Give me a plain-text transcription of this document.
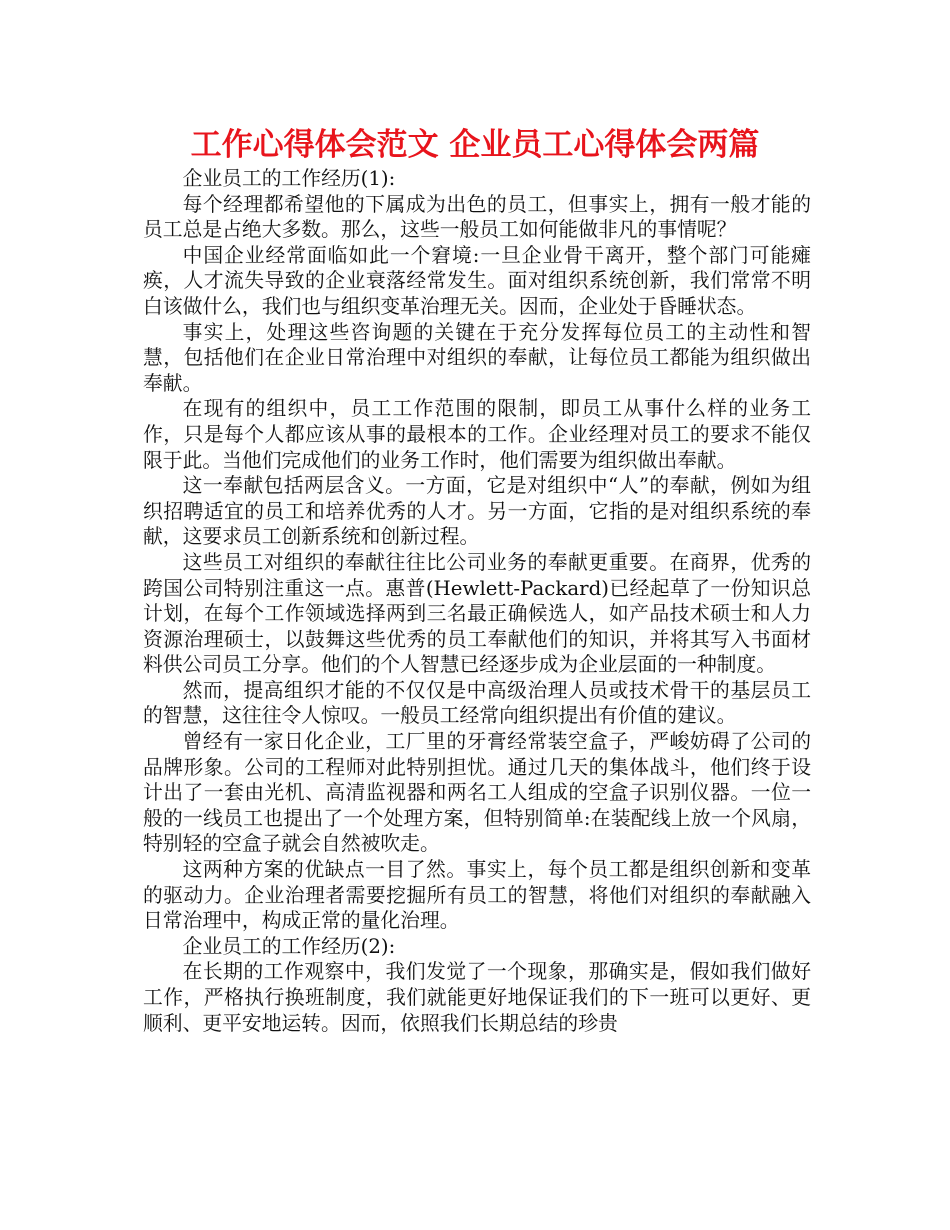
工作心得体会范文 企业员工心得体会两篇

企业员工的工作经历(1):

每个经理都希望他的下属成为出色的员工，但事实上，拥有一般才能的员工总是占绝大多数。那么，这些一般员工如何能做非凡的事情呢？

中国企业经常面临如此一个窘境:一旦企业骨干离开，整个部门可能瘫痪，人才流失导致的企业衰落经常发生。面对组织系统创新，我们常常不明白该做什么，我们也与组织变革治理无关。因而，企业处于昏睡状态。

事实上，处理这些咨询题的关键在于充分发挥每位员工的主动性和智慧，包括他们在企业日常治理中对组织的奉献，让每位员工都能为组织做出奉献。

在现有的组织中，员工工作范围的限制，即员工从事什么样的业务工作，只是每个人都应该从事的最根本的工作。企业经理对员工的要求不能仅限于此。当他们完成他们的业务工作时，他们需要为组织做出奉献。

这一奉献包括两层含义。一方面，它是对组织中“人”的奉献，例如为组织招聘适宜的员工和培养优秀的人才。另一方面，它指的是对组织系统的奉献，这要求员工创新系统和创新过程。

这些员工对组织的奉献往往比公司业务的奉献更重要。在商界，优秀的跨国公司特别注重这一点。惠普(Hewlett-Packard)已经起草了一份知识总计划，在每个工作领域选择两到三名最正确候选人，如产品技术硕士和人力资源治理硕士，以鼓舞这些优秀的员工奉献他们的知识，并将其写入书面材料供公司员工分享。他们的个人智慧已经逐步成为企业层面的一种制度。

然而，提高组织才能的不仅仅是中高级治理人员或技术骨干的基层员工的智慧，这往往令人惊叹。一般员工经常向组织提出有价值的建议。

曾经有一家日化企业，工厂里的牙膏经常装空盒子，严峻妨碍了公司的品牌形象。公司的工程师对此特别担忧。通过几天的集体战斗，他们终于设计出了一套由光机、高清监视器和两名工人组成的空盒子识别仪器。一位一般的一线员工也提出了一个处理方案，但特别简单:在装配线上放一个风扇，特别轻的空盒子就会自然被吹走。

这两种方案的优缺点一目了然。事实上，每个员工都是组织创新和变革的驱动力。企业治理者需要挖掘所有员工的智慧，将他们对组织的奉献融入日常治理中，构成正常的量化治理。

企业员工的工作经历(2):

在长期的工作观察中，我们发觉了一个现象，那确实是，假如我们做好工作，严格执行换班制度，我们就能更好地保证我们的下一班可以更好、更顺利、更平安地运转。因而，依照我们长期总结的珍贵
